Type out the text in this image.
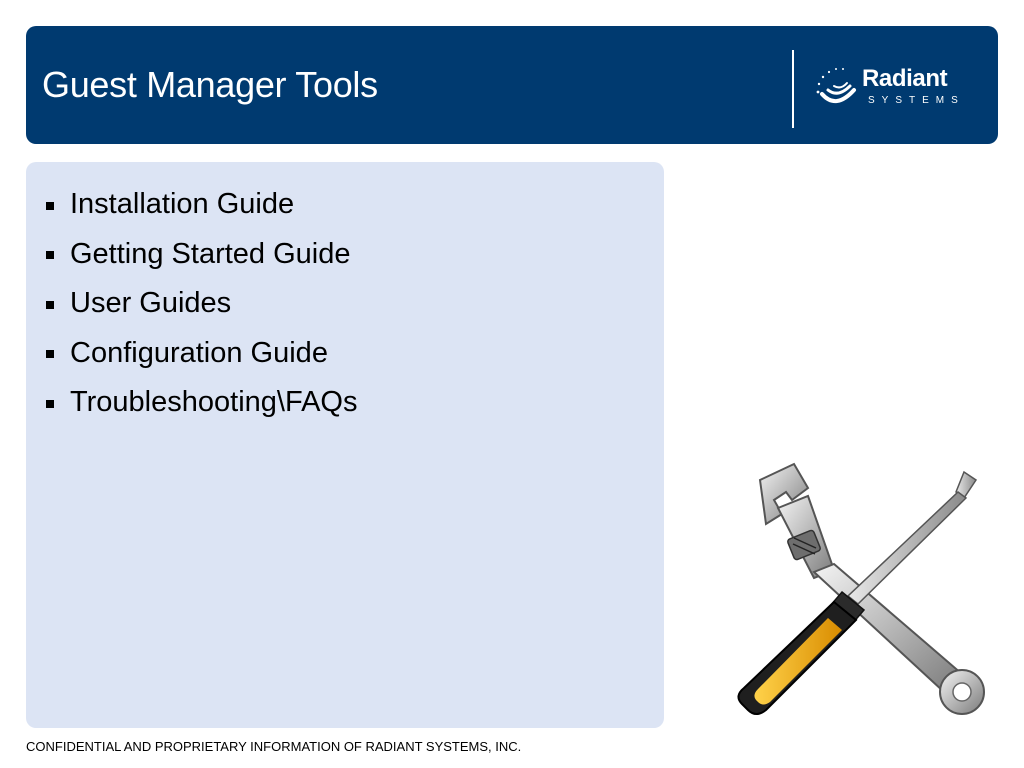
Guest Manager Tools	Radiant
SYSTEMS
Installation Guide
Getting Started Guide
User Guides
Configuration Guide
Troubleshooting\FAQs
CONFIDENTIAL AND PROPRIETARY INFORMATION OF RADIANT SYSTEMS, INC.
